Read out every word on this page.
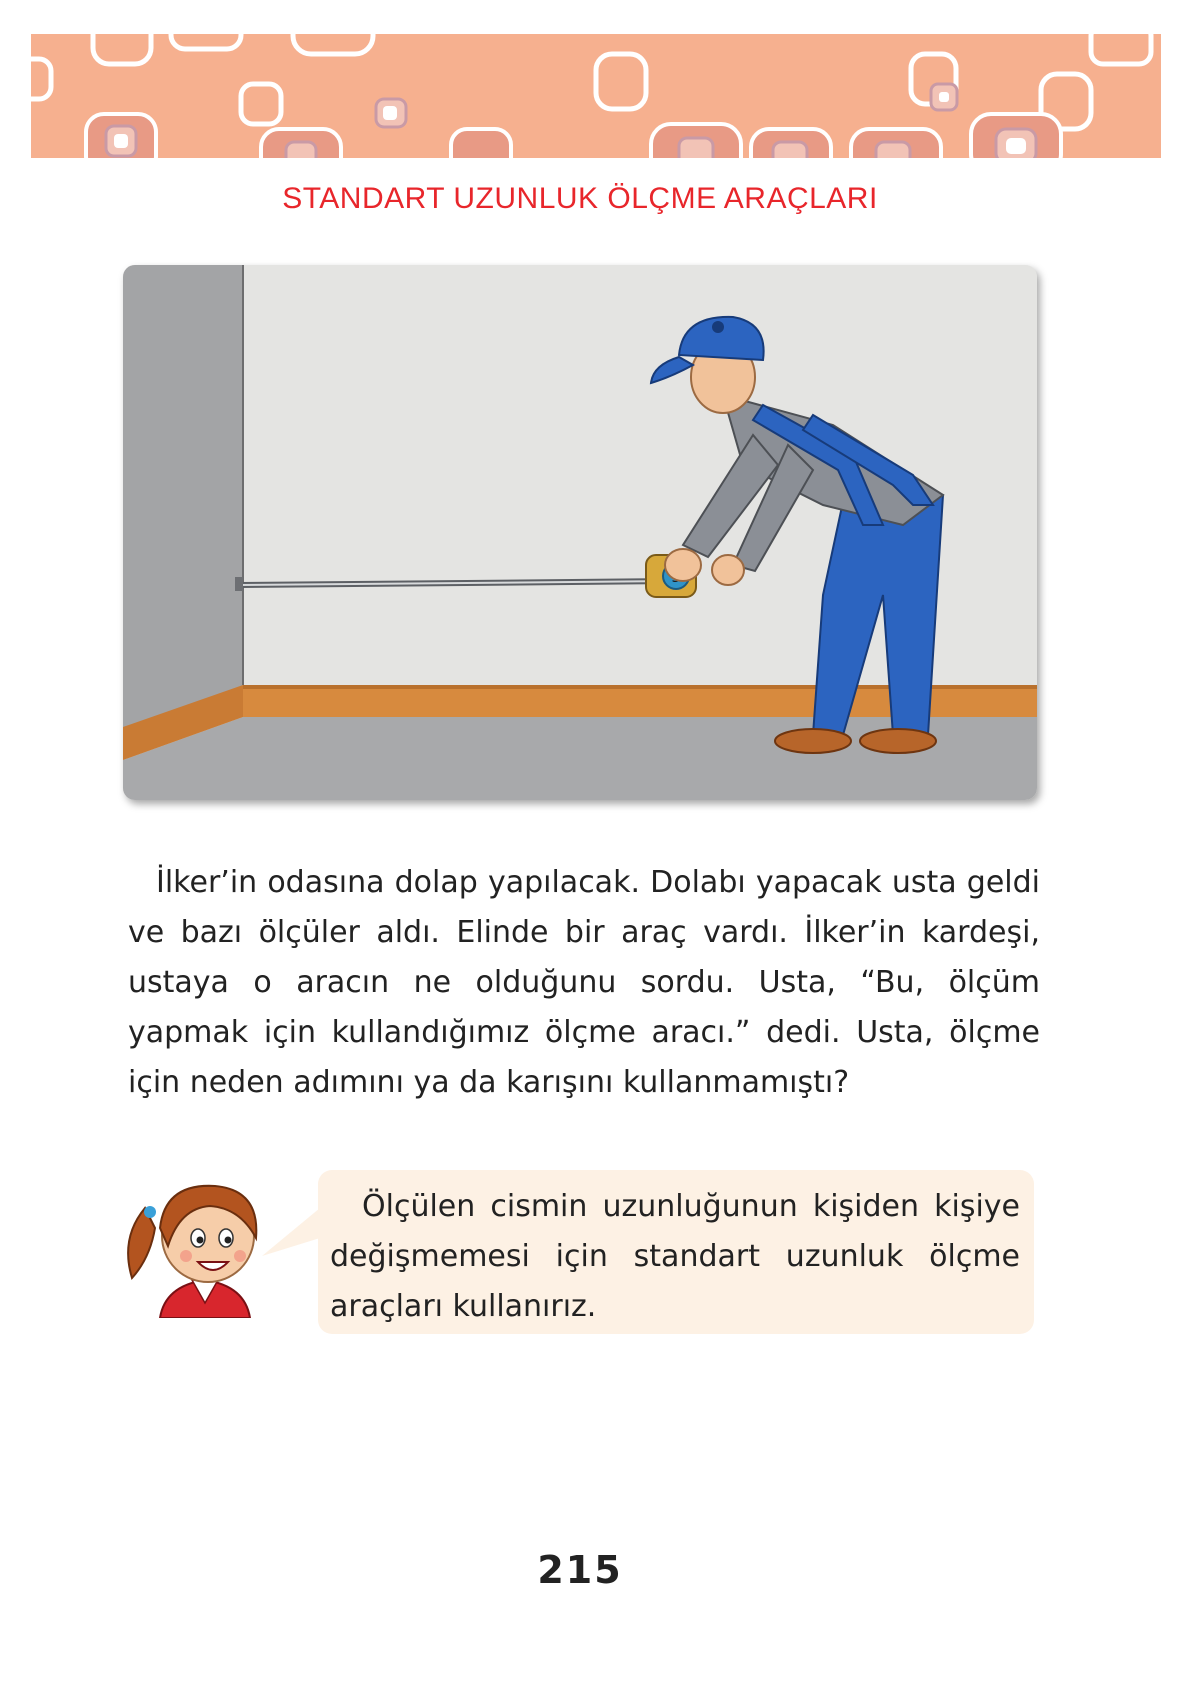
STANDART UZUNLUK ÖLÇME ARAÇLARI
İlker’in odasına dolap yapılacak. Dolabı yapacak usta geldi ve bazı ölçüler aldı. Elinde bir araç vardı. İlker’in kardeşi, ustaya o aracın ne olduğunu sordu. Usta, “Bu, ölçüm yapmak için kullandığımız ölçme aracı.” dedi. Usta, ölçme için neden adımını ya da karışını kullanmamıştı?
Ölçülen cismin uzunluğunun kişiden kişiye değişmemesi için standart uzunluk ölçme araçları kullanırız.
215
